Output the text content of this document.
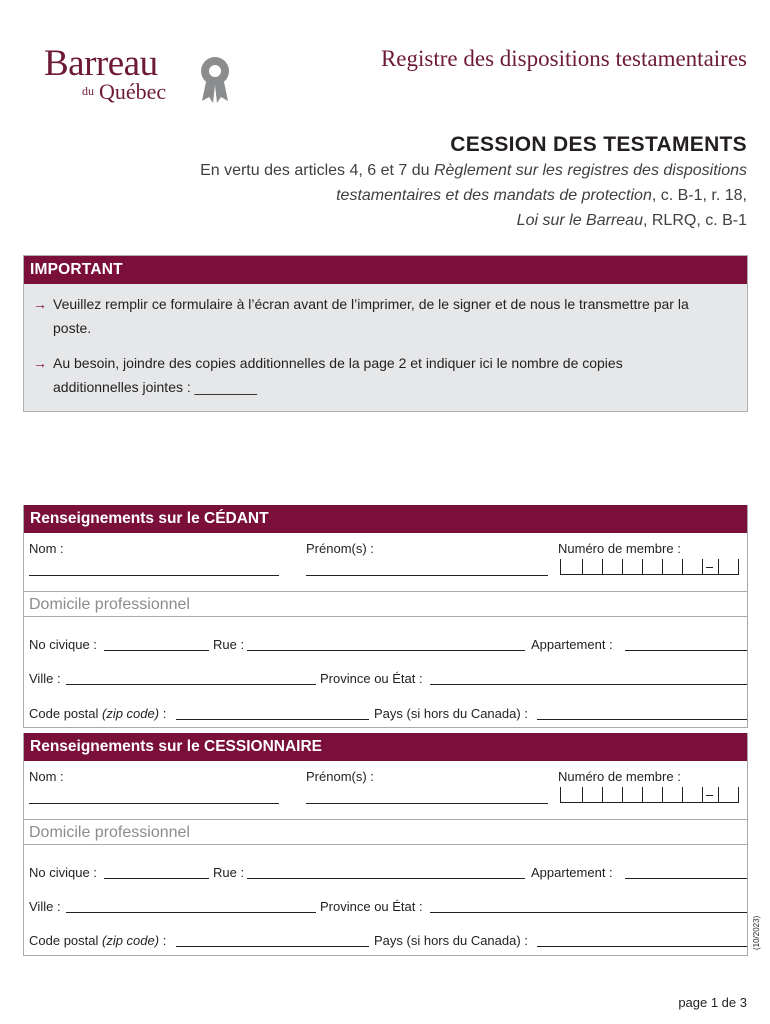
Barreau
du Québec
Registre des dispositions testamentaires
CESSION DES TESTAMENTS
En vertu des articles 4, 6 et 7 du Règlement sur les registres des dispositions
testamentaires et des mandats de protection, c. B-1, r. 18,
Loi sur le Barreau, RLRQ, c. B-1
IMPORTANT
→ Veuillez remplir ce formulaire à l’écran avant de l’imprimer, de le signer et de nous le transmettre par la poste.
→ Au besoin, joindre des copies additionnelles de la page 2 et indiquer ici le nombre de copies additionnelles jointes : ________
Renseignements sur le CÉDANT
Nom :	Prénom(s) :	Numéro de membre :
Domicile professionnel
No civique :	Rue :	Appartement :
Ville :	Province ou État :
Code postal (zip code) :	Pays (si hors du Canada) :
Renseignements sur le CESSIONNAIRE
Nom :	Prénom(s) :	Numéro de membre :
Domicile professionnel
No civique :	Rue :	Appartement :
Ville :	Province ou État :
Code postal (zip code) :	Pays (si hors du Canada) :	(10/2023)
page 1 de 3
